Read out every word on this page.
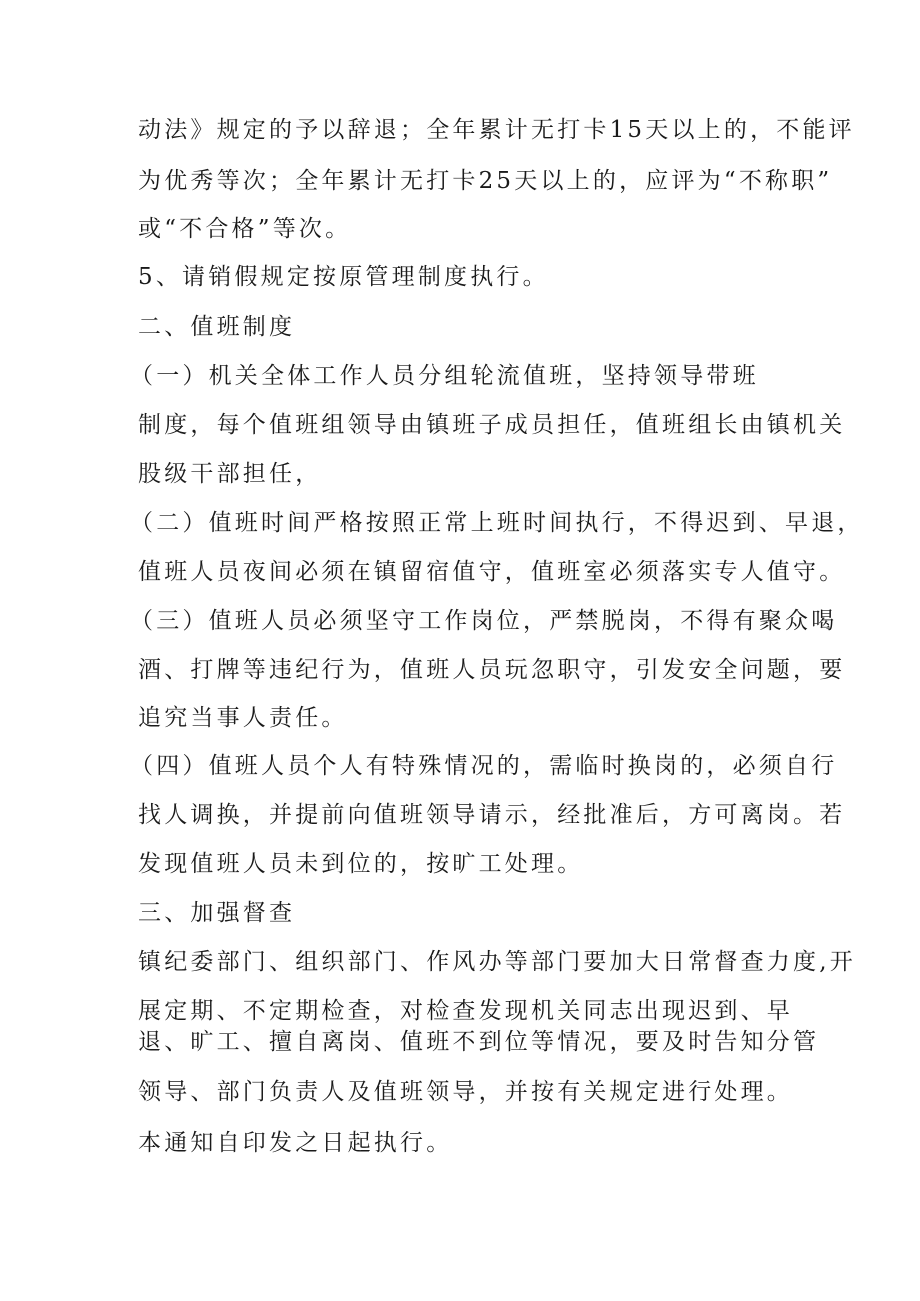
动法》规定的予以辞退；全年累计无打卡15天以上的，不能评
为优秀等次；全年累计无打卡25天以上的，应评为“不称职”
或“不合格”等次。
5、请销假规定按原管理制度执行。
二、值班制度
（一）机关全体工作人员分组轮流值班，坚持领导带班
制度，每个值班组领导由镇班子成员担任，值班组长由镇机关
股级干部担任，
（二）值班时间严格按照正常上班时间执行，不得迟到、早退，
值班人员夜间必须在镇留宿值守，值班室必须落实专人值守。
（三）值班人员必须坚守工作岗位，严禁脱岗，不得有聚众喝
酒、打牌等违纪行为，值班人员玩忽职守，引发安全问题，要
追究当事人责任。
（四）值班人员个人有特殊情况的，需临时换岗的，必须自行
找人调换，并提前向值班领导请示，经批准后，方可离岗。若
发现值班人员未到位的，按旷工处理。
三、加强督查
镇纪委部门、组织部门、作风办等部门要加大日常督查力度,开
展定期、不定期检查，对检查发现机关同志出现迟到、早
退、旷工、擅自离岗、值班不到位等情况，要及时告知分管
领导、部门负责人及值班领导，并按有关规定进行处理。
本通知自印发之日起执行。
